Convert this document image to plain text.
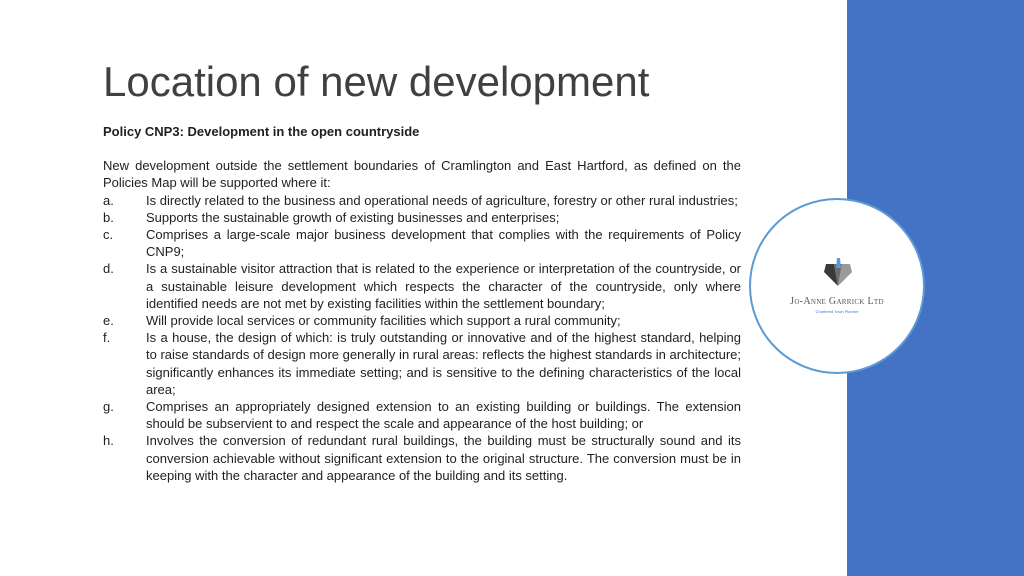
Jo-Anne Garrick Ltd
Chartered Town Planner
Location of new development

Policy CNP3: Development in the open countryside

New development outside the settlement boundaries of Cramlington and East Hartford, as defined on the Policies Map will be supported where it:

a.	Is directly related to the business and operational needs of agriculture, forestry or other rural industries;
b.	Supports the sustainable growth of existing businesses and enterprises;
c.	Comprises a large-scale major business development that complies with the requirements of Policy CNP9;
d.	Is a sustainable visitor attraction that is related to the experience or interpretation of the countryside, or a sustainable leisure development which respects the character of the countryside, only where identified needs are not met by existing facilities within the settlement boundary;
e.	Will provide local services or community facilities which support a rural community;
f.	Is a house, the design of which: is truly outstanding or innovative and of the highest standard, helping to raise standards of design more generally in rural areas: reflects the highest standards in architecture; significantly enhances its immediate setting; and is sensitive to the defining characteristics of the local area;
g.	Comprises an appropriately designed extension to an existing building or buildings. The extension should be subservient to and respect the scale and appearance of the host building; or
h.	Involves the conversion of redundant rural buildings, the building must be structurally sound and its conversion achievable without significant extension to the original structure. The conversion must be in keeping with the character and appearance of the building and its setting.
